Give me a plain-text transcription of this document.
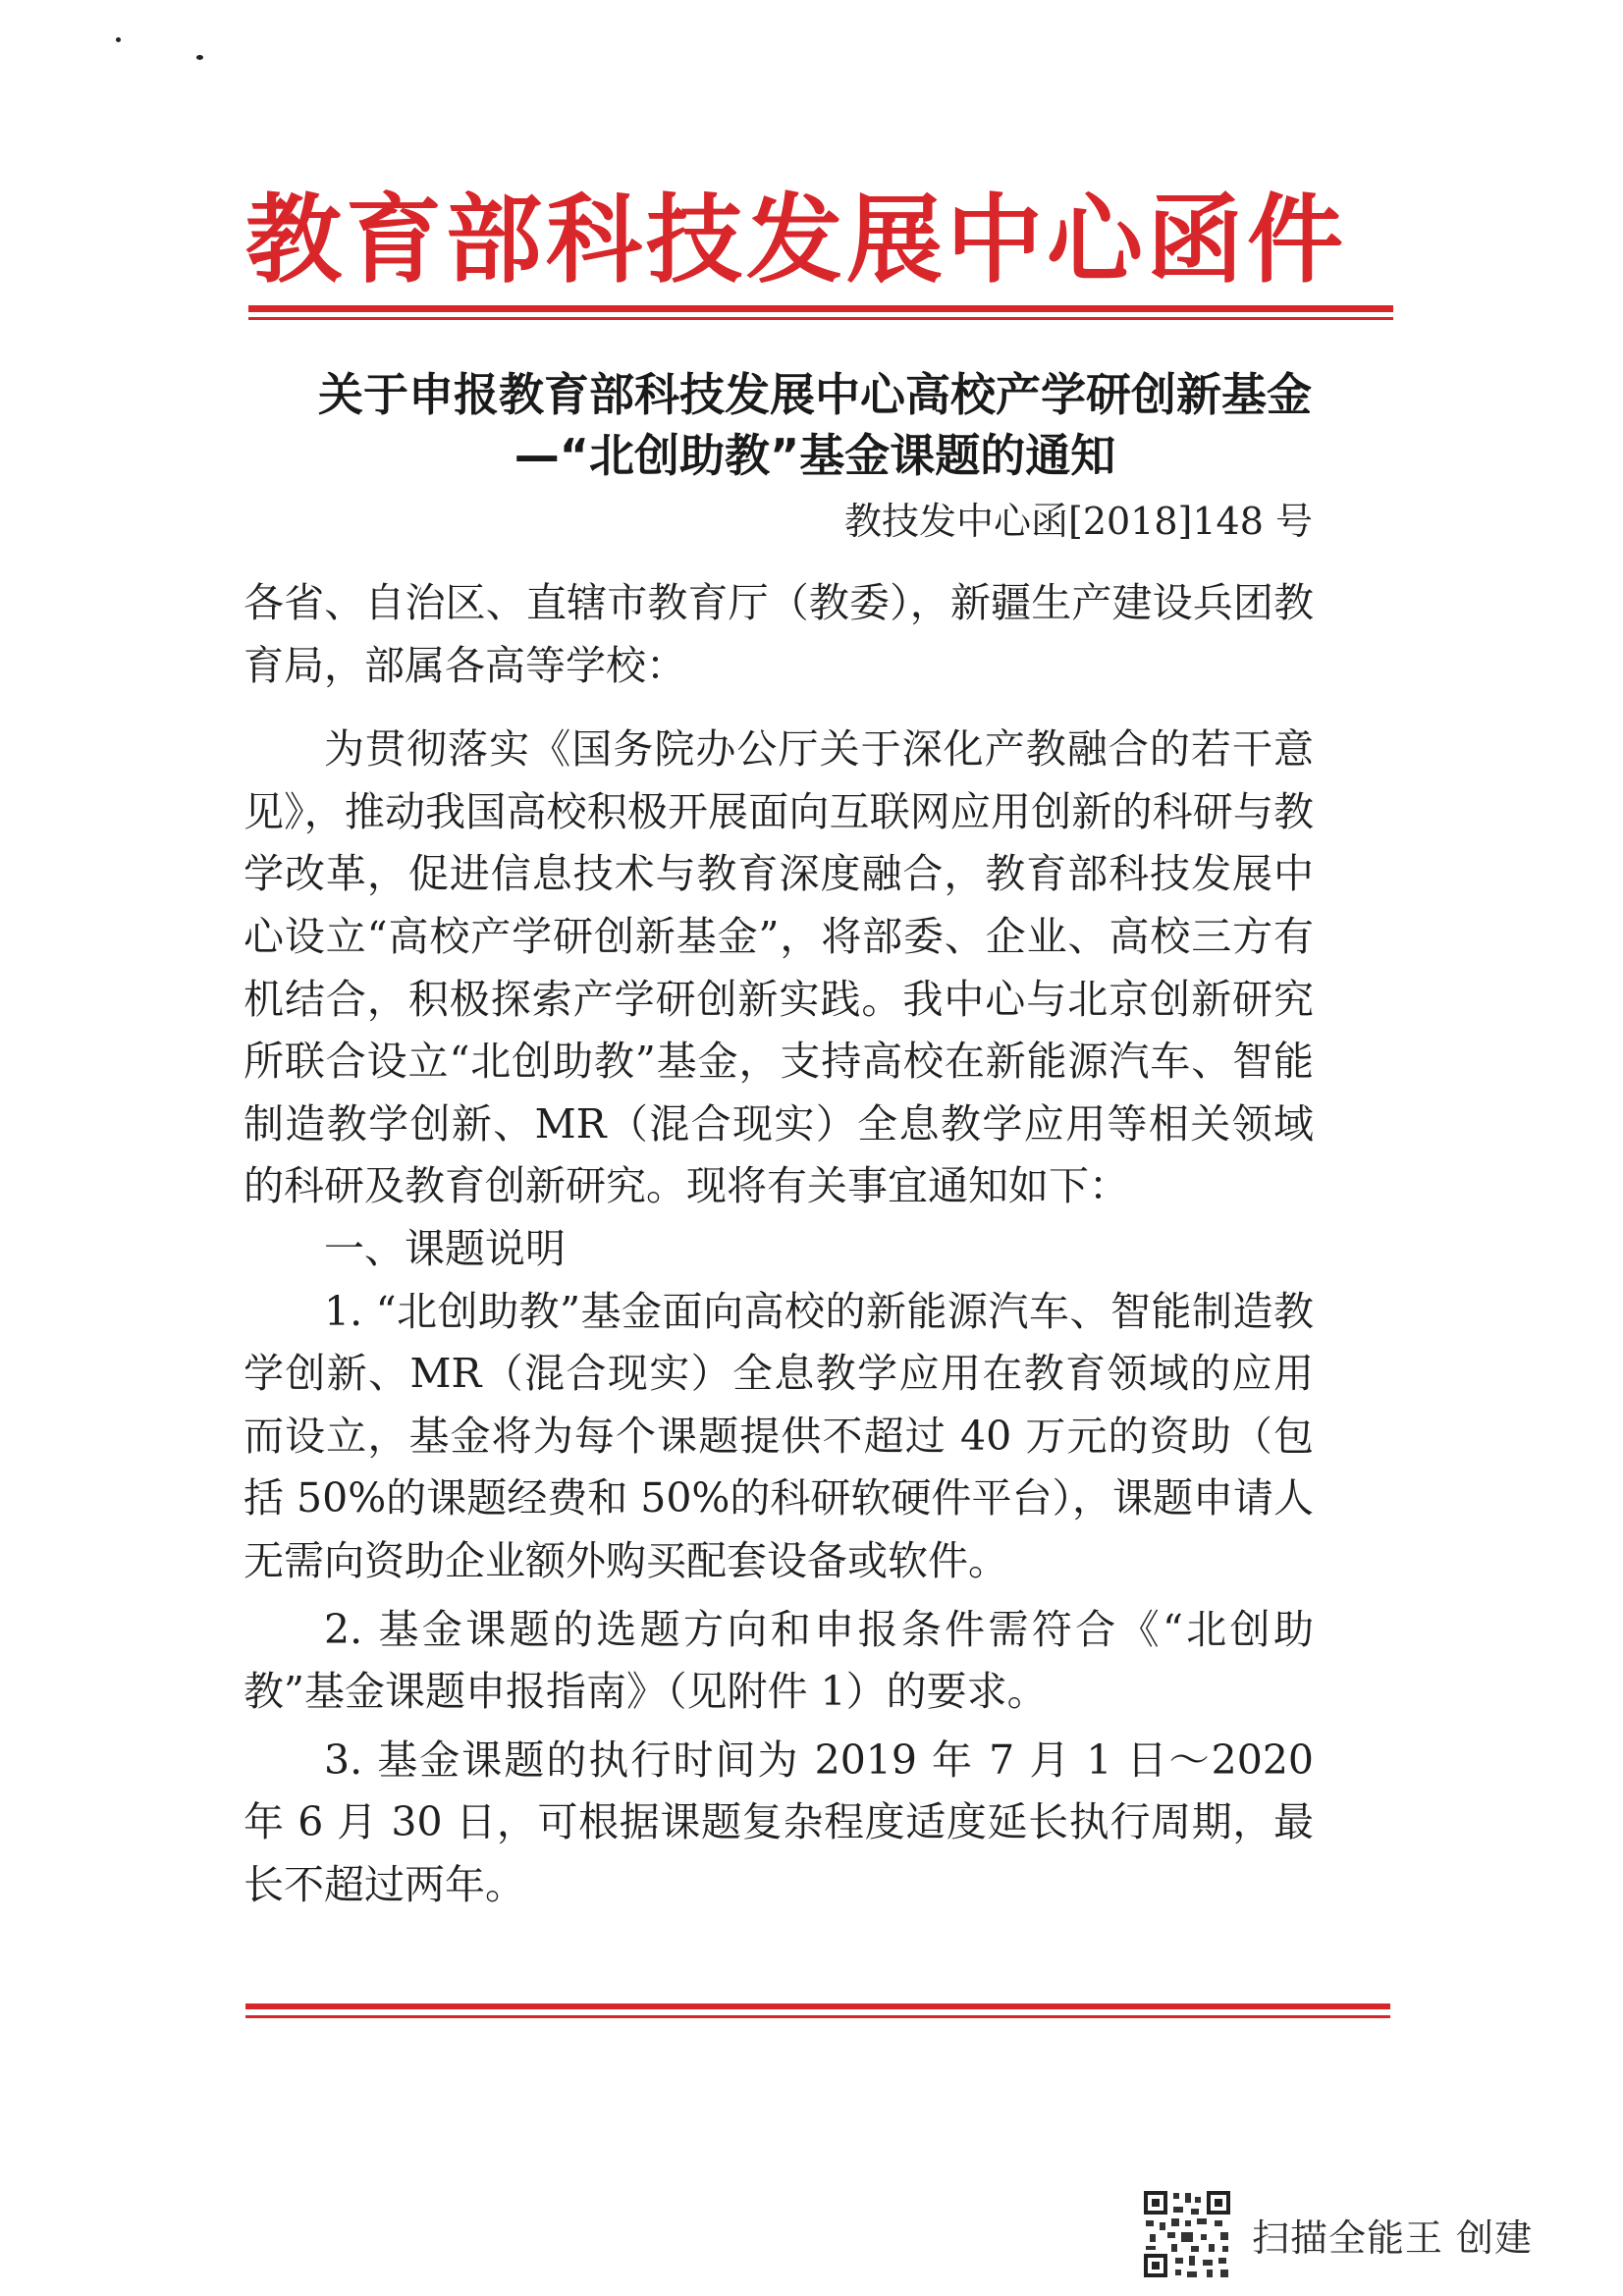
教育部科技发展中心函件
关于申报教育部科技发展中心高校产学研创新基金
—“北创助教”基金课题的通知
教技发中心函[2018]148 号

各省、自治区、直辖市教育厅（教委），新疆生产建设兵团教育局，部属各高等学校：

为贯彻落实《国务院办公厅关于深化产教融合的若干意见》，推动我国高校积极开展面向互联网应用创新的科研与教学改革，促进信息技术与教育深度融合，教育部科技发展中心设立“高校产学研创新基金”，将部委、企业、高校三方有机结合，积极探索产学研创新实践。我中心与北京创新研究所联合设立“北创助教”基金，支持高校在新能源汽车、智能制造教学创新、MR（混合现实）全息教学应用等相关领域的科研及教育创新研究。现将有关事宜通知如下：

一、课题说明

1. “北创助教”基金面向高校的新能源汽车、智能制造教学创新、MR（混合现实）全息教学应用在教育领域的应用而设立，基金将为每个课题提供不超过 40 万元的资助（包括 50%的课题经费和 50%的科研软硬件平台），课题申请人无需向资助企业额外购买配套设备或软件。

2. 基金课题的选题方向和申报条件需符合《“北创助教”基金课题申报指南》（见附件 1）的要求。

3. 基金课题的执行时间为 2019 年 7 月 1 日～2020 年 6 月 30 日，可根据课题复杂程度适度延长执行周期，最长不超过两年。

扫描全能王 创建
